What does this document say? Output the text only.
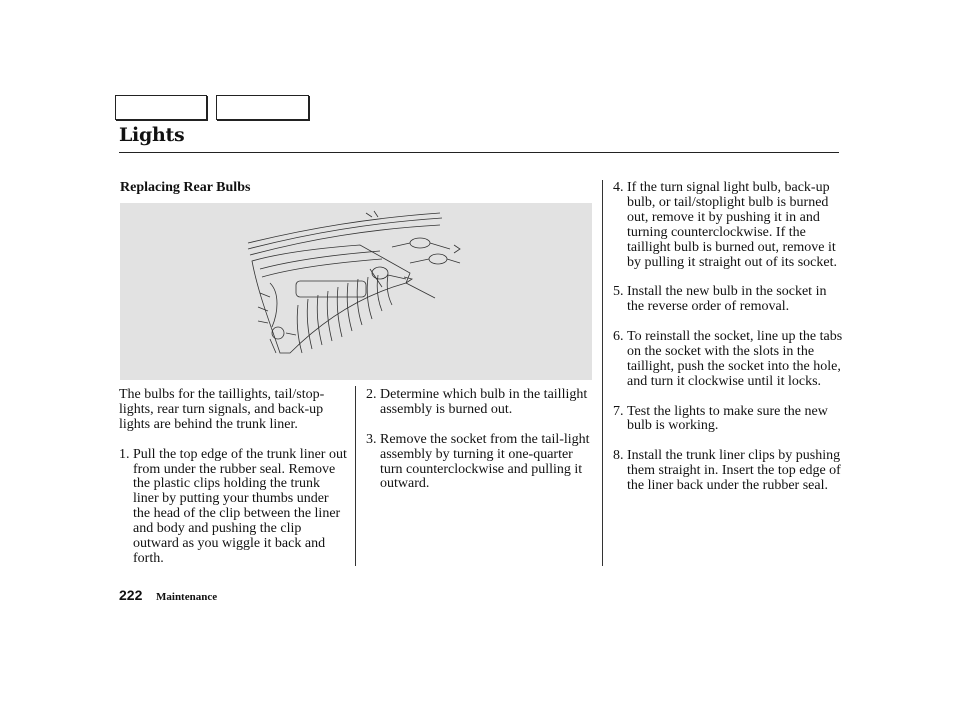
Lights
Replacing Rear Bulbs

The bulbs for the taillights, tail/stop-lights, rear turn signals, and back-up lights are behind the trunk liner.

1. Pull the top edge of the trunk liner out from under the rubber seal. Remove the plastic clips holding the trunk liner by putting your thumbs under the head of the clip between the liner and body and pushing the clip outward as you wiggle it back and forth.
2. Determine which bulb in the taillight assembly is burned out.
3. Remove the socket from the tail-light assembly by turning it one-quarter turn counterclockwise and pulling it outward.
4. If the turn signal light bulb, back-up bulb, or tail/stoplight bulb is burned out, remove it by pushing it in and turning counterclockwise. If the taillight bulb is burned out, remove it by pulling it straight out of its socket.
5. Install the new bulb in the socket in the reverse order of removal.
6. To reinstall the socket, line up the tabs on the socket with the slots in the taillight, push the socket into the hole, and turn it clockwise until it locks.
7. Test the lights to make sure the new bulb is working.
8. Install the trunk liner clips by pushing them straight in. Insert the top edge of the liner back under the rubber seal.
222 Maintenance
